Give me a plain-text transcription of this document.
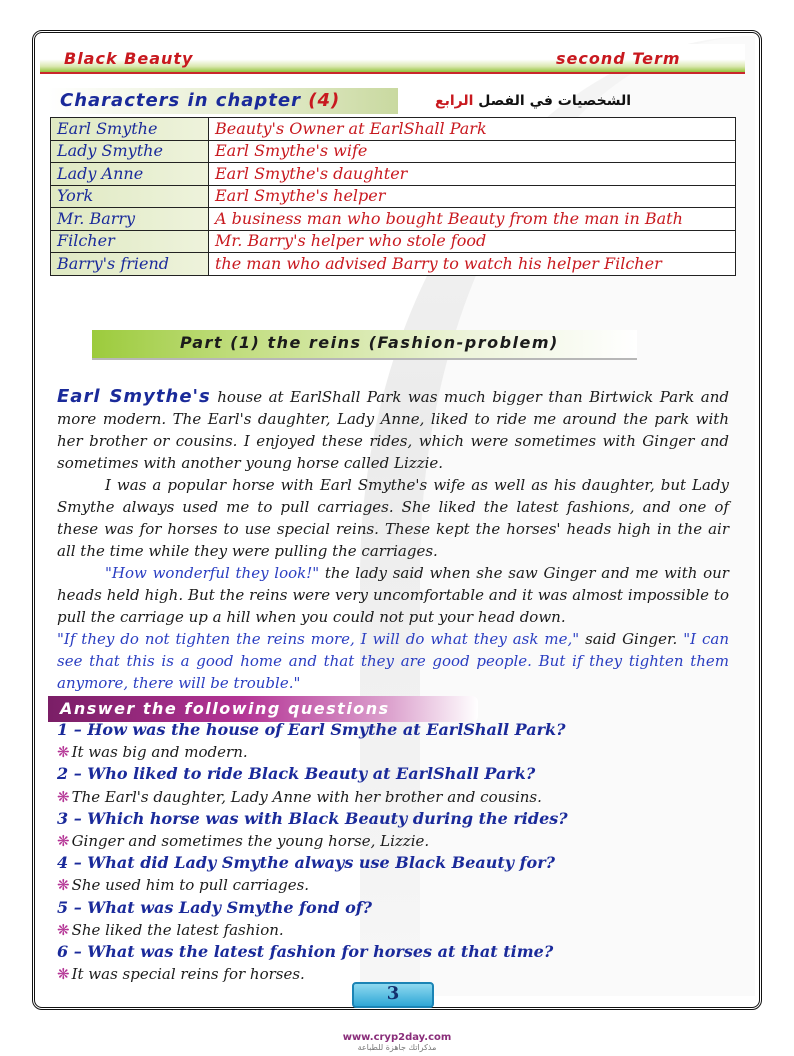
Black Beauty	second Term
Characters in chapter (4)	الشخصيات في الفصل الرابع
Earl Smythe	Beauty's Owner at EarlShall Park
Lady Smythe	Earl Smythe's wife
Lady Anne	Earl Smythe's daughter
York	Earl Smythe's helper
Mr. Barry	A business man who bought Beauty from the man in Bath
Filcher	Mr. Barry's helper who stole food
Barry's friend	the man who advised Barry to watch his helper Filcher
Part (1) the reins (Fashion-problem)

Earl Smythe's house at EarlShall Park was much bigger than Birtwick Park and more modern. The Earl's daughter, Lady Anne, liked to ride me around the park with her brother or cousins. I enjoyed these rides, which were sometimes with Ginger and sometimes with another young horse called Lizzie.

I was a popular horse with Earl Smythe's wife as well as his daughter, but Lady Smythe always used me to pull carriages. She liked the latest fashions, and one of these was for horses to use special reins. These kept the horses' heads high in the air all the time while they were pulling the carriages.

"How wonderful they look!" the lady said when she saw Ginger and me with our heads held high. But the reins were very uncomfortable and it was almost impossible to pull the carriage up a hill when you could not put your head down.

"If they do not tighten the reins more, I will do what they ask me," said Ginger. "I can see that this is a good home and that they are good people. But if they tighten them anymore, there will be trouble."

Answer the following questions
1 – How was the house of Earl Smythe at EarlShall Park?
❋ It was big and modern.
2 – Who liked to ride Black Beauty at EarlShall Park?
❋ The Earl's daughter, Lady Anne with her brother and cousins.
3 – Which horse was with Black Beauty during the rides?
❋ Ginger and sometimes the young horse, Lizzie.
4 – What did Lady Smythe always use Black Beauty for?
❋ She used him to pull carriages.
5 – What was Lady Smythe fond of?
❋ She liked the latest fashion.
6 – What was the latest fashion for horses at that time?
❋ It was special reins for horses.
3
www.cryp2day.com
مذكراتك جاهزة للطباعة
